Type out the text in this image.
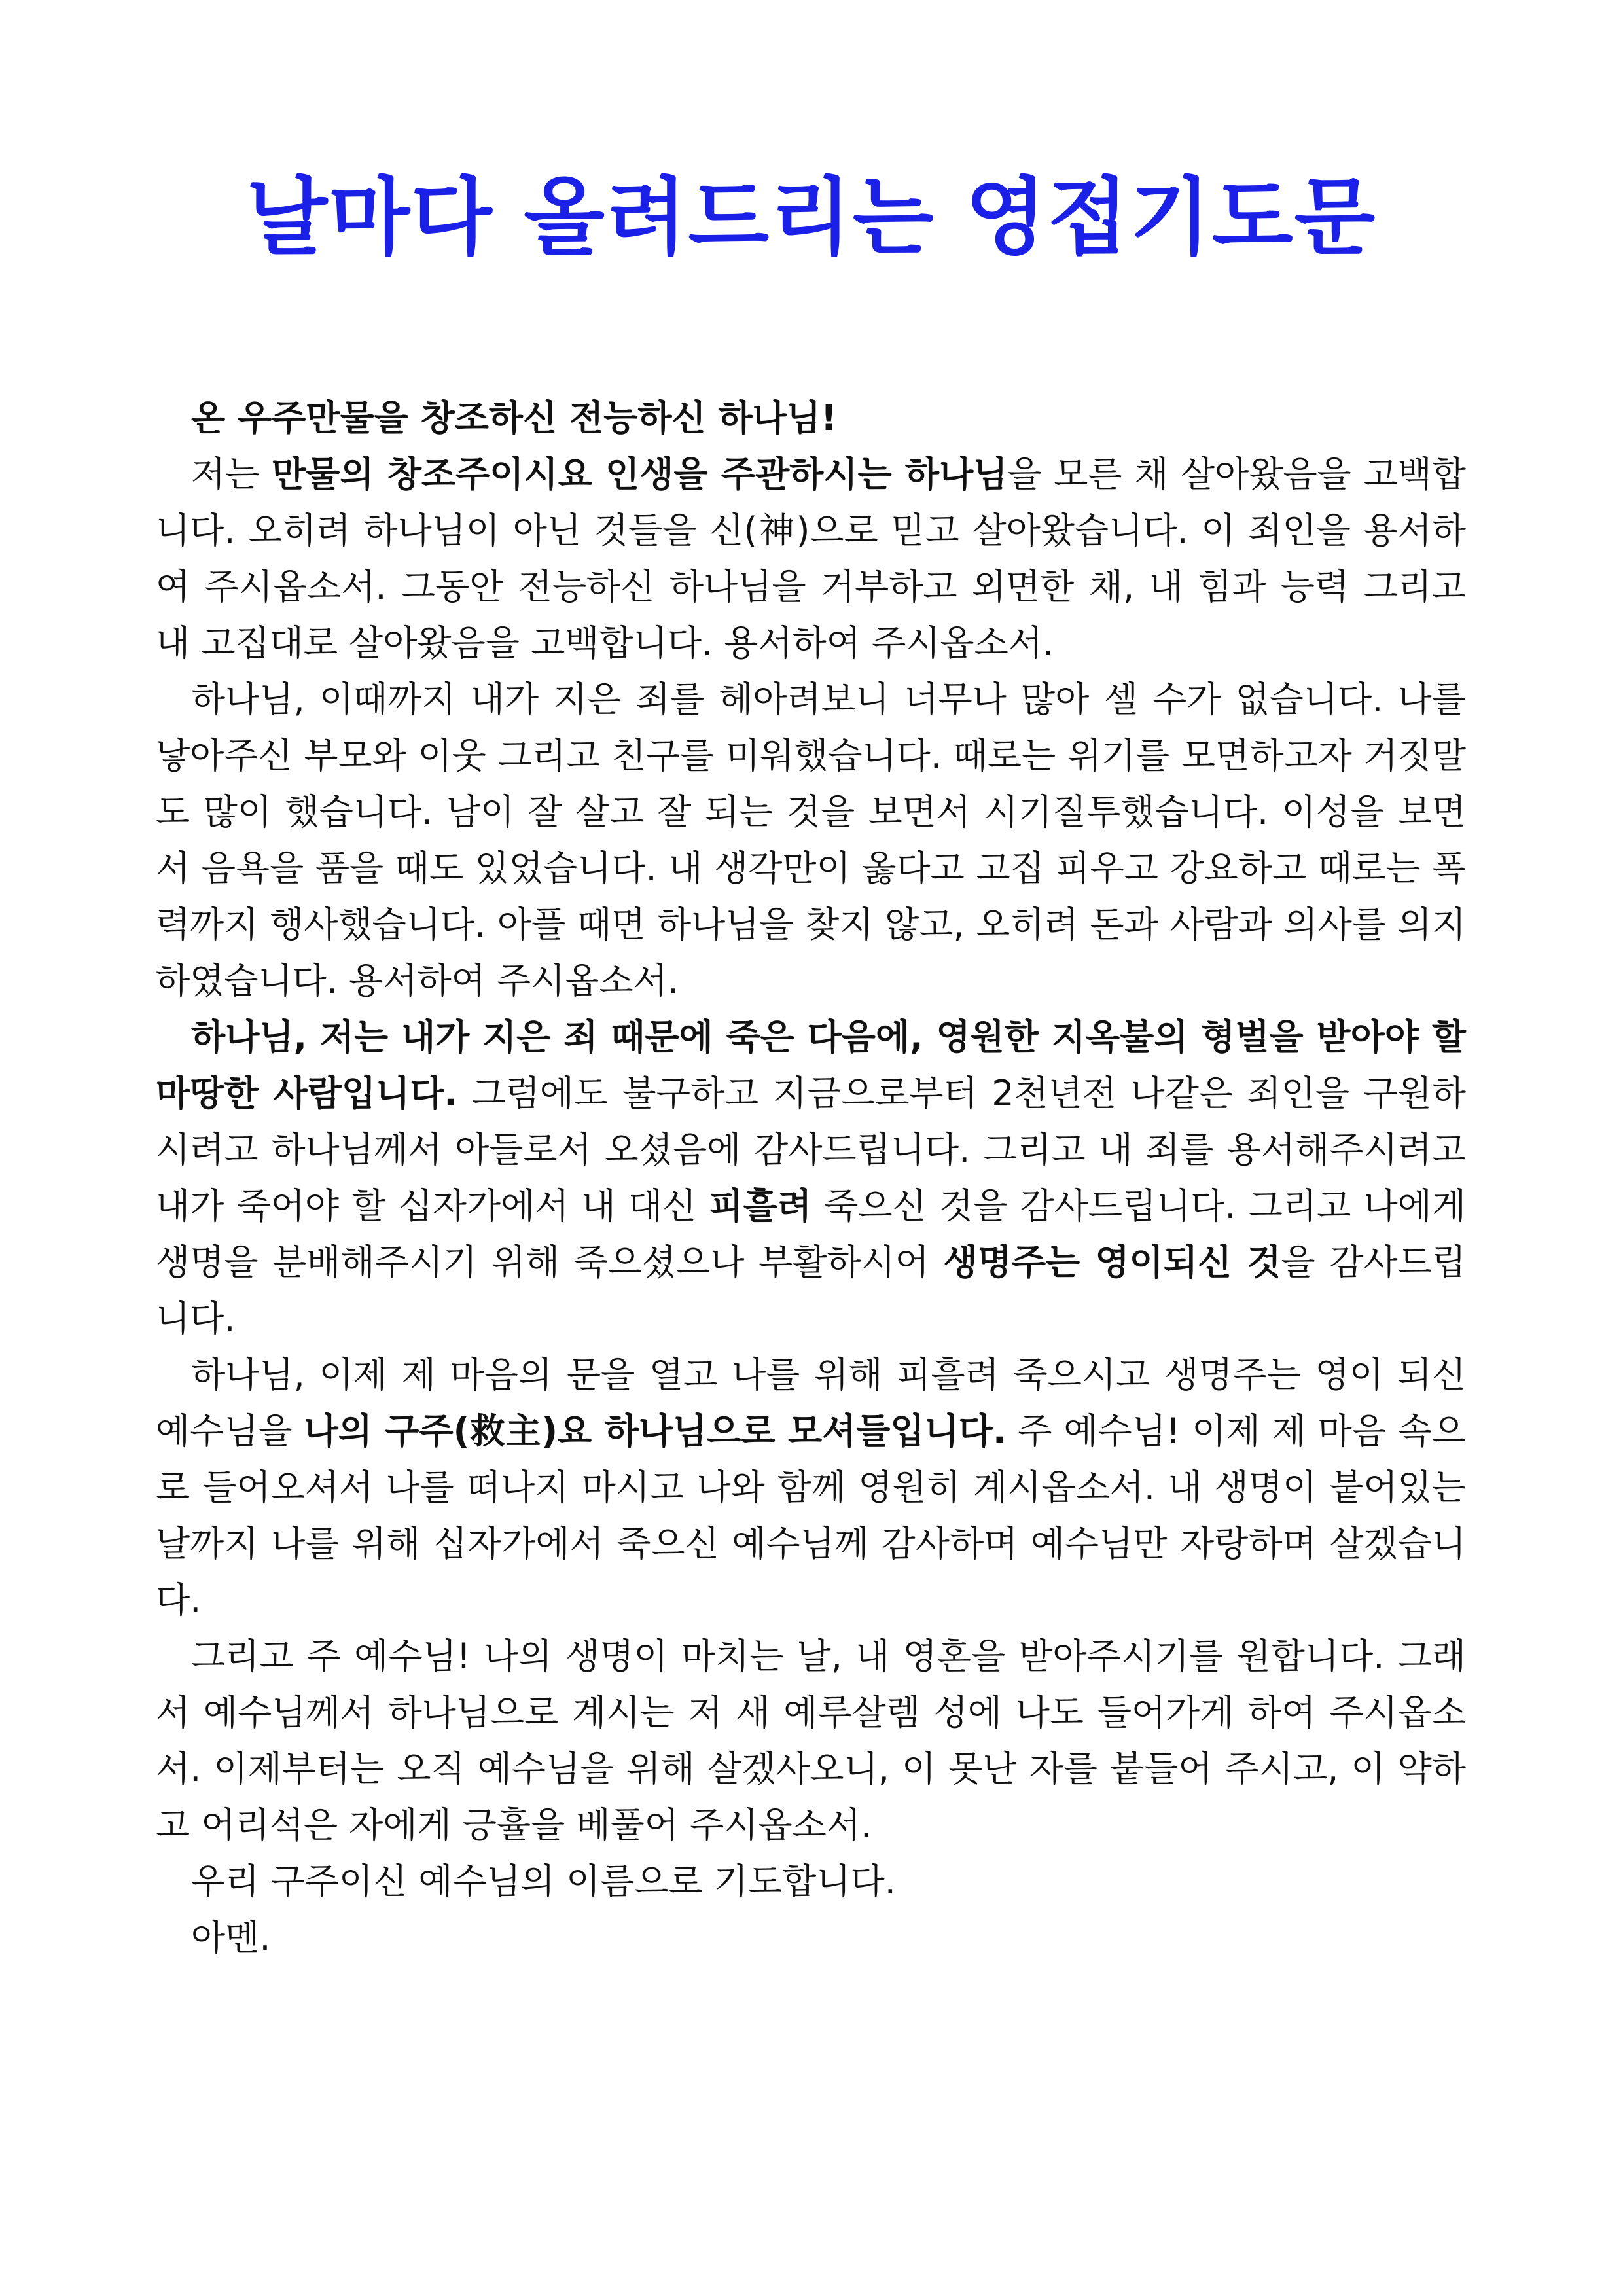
날마다 올려드리는 영접기도문

온 우주만물을 창조하신 전능하신 하나님!

저는 만물의 창조주이시요 인생을 주관하시는 하나님을 모른 채 살아왔음을 고백합니다. 오히려 하나님이 아닌 것들을 신(神)으로 믿고 살아왔습니다. 이 죄인을 용서하여 주시옵소서. 그동안 전능하신 하나님을 거부하고 외면한 채, 내 힘과 능력 그리고 내 고집대로 살아왔음을 고백합니다. 용서하여 주시옵소서.

하나님, 이때까지 내가 지은 죄를 헤아려보니 너무나 많아 셀 수가 없습니다. 나를 낳아주신 부모와 이웃 그리고 친구를 미워했습니다. 때로는 위기를 모면하고자 거짓말도 많이 했습니다. 남이 잘 살고 잘 되는 것을 보면서 시기질투했습니다. 이성을 보면서 음욕을 품을 때도 있었습니다. 내 생각만이 옳다고 고집 피우고 강요하고 때로는 폭력까지 행사했습니다. 아플 때면 하나님을 찾지 않고, 오히려 돈과 사람과 의사를 의지하였습니다. 용서하여 주시옵소서.

하나님, 저는 내가 지은 죄 때문에 죽은 다음에, 영원한 지옥불의 형벌을 받아야 할 마땅한 사람입니다. 그럼에도 불구하고 지금으로부터 2천년전 나같은 죄인을 구원하시려고 하나님께서 아들로서 오셨음에 감사드립니다. 그리고 내 죄를 용서해주시려고 내가 죽어야 할 십자가에서 내 대신 피흘려 죽으신 것을 감사드립니다. 그리고 나에게 생명을 분배해주시기 위해 죽으셨으나 부활하시어 생명주는 영이되신 것을 감사드립니다.

하나님, 이제 제 마음의 문을 열고 나를 위해 피흘려 죽으시고 생명주는 영이 되신 예수님을 나의 구주(救主)요 하나님으로 모셔들입니다. 주 예수님! 이제 제 마음 속으로 들어오셔서 나를 떠나지 마시고 나와 함께 영원히 계시옵소서. 내 생명이 붙어있는 날까지 나를 위해 십자가에서 죽으신 예수님께 감사하며 예수님만 자랑하며 살겠습니다.

그리고 주 예수님! 나의 생명이 마치는 날, 내 영혼을 받아주시기를 원합니다. 그래서 예수님께서 하나님으로 계시는 저 새 예루살렘 성에 나도 들어가게 하여 주시옵소서. 이제부터는 오직 예수님을 위해 살겠사오니, 이 못난 자를 붙들어 주시고, 이 약하고 어리석은 자에게 긍휼을 베풀어 주시옵소서.

우리 구주이신 예수님의 이름으로 기도합니다.

아멘.
